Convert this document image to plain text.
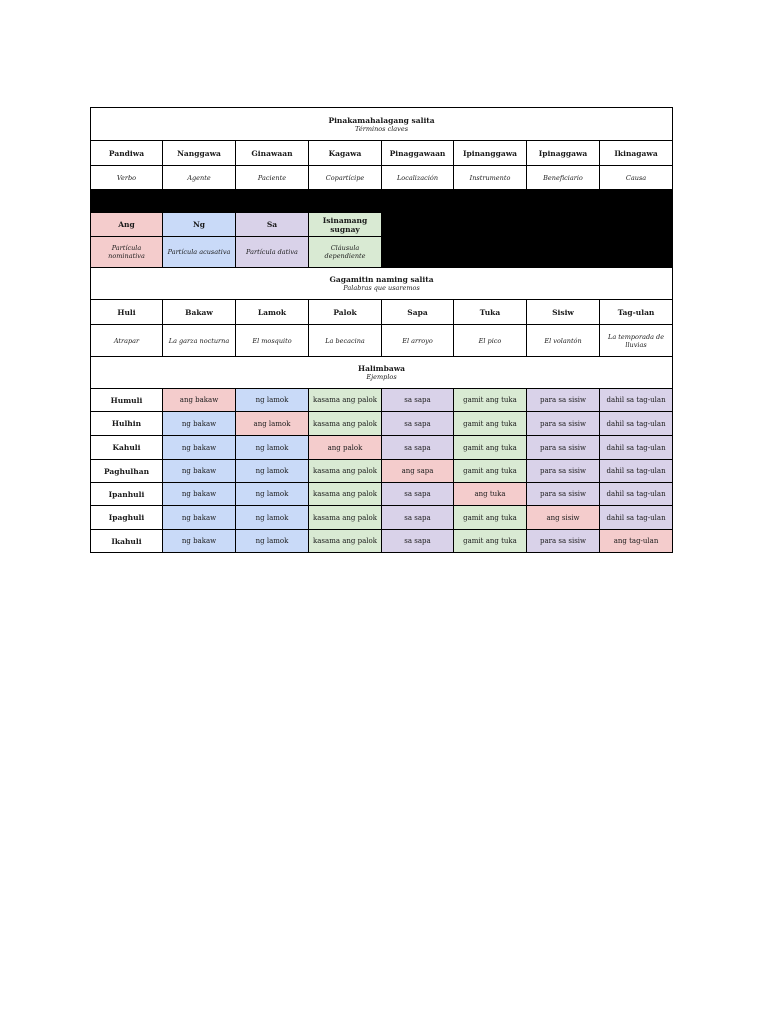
Pinakamahalagang salita
Términos claves							

Pandiwa	Nanggawa	Ginawaan	Kagawa	Pinaggawaan	Ipinanggawa	Ipinaggawa	Ikinagawa
Verbo	Agente	Paciente	Copartícipe	Localización	Instrumento	Beneficiario	Causa

Ang	Ng	Sa	Isinamang sugnay				
Partícula nominativa	Partícula acusativa	Partícula dativa	Cláusula dependiente				

Gagamitin naming salita
Palabras que usaremos							

Huli	Bakaw	Lamok	Palok	Sapa	Tuka	Sisiw	Tag-ulan
Atrapar	La garza nocturna	El mosquito	La becacina	El arroyo	El pico	El volantón	La temporada de lluvias

Halimbawa
Ejemplos							

Humuli	ang bakaw	ng lamok	kasama ang palok	sa sapa	gamit ang tuka	para sa sisiw	dahil sa tag-ulan
Hulhin	ng bakaw	ang lamok	kasama ang palok	sa sapa	gamit ang tuka	para sa sisiw	dahil sa tag-ulan
Kahuli	ng bakaw	ng lamok	ang palok	sa sapa	gamit ang tuka	para sa sisiw	dahil sa tag-ulan
Paghulhan	ng bakaw	ng lamok	kasama ang palok	ang sapa	gamit ang tuka	para sa sisiw	dahil sa tag-ulan
Ipanhuli	ng bakaw	ng lamok	kasama ang palok	sa sapa	ang tuka	para sa sisiw	dahil sa tag-ulan
Ipaghuli	ng bakaw	ng lamok	kasama ang palok	sa sapa	gamit ang tuka	ang sisiw	dahil sa tag-ulan
Ikahuli	ng bakaw	ng lamok	kasama ang palok	sa sapa	gamit ang tuka	para sa sisiw	ang tag-ulan
